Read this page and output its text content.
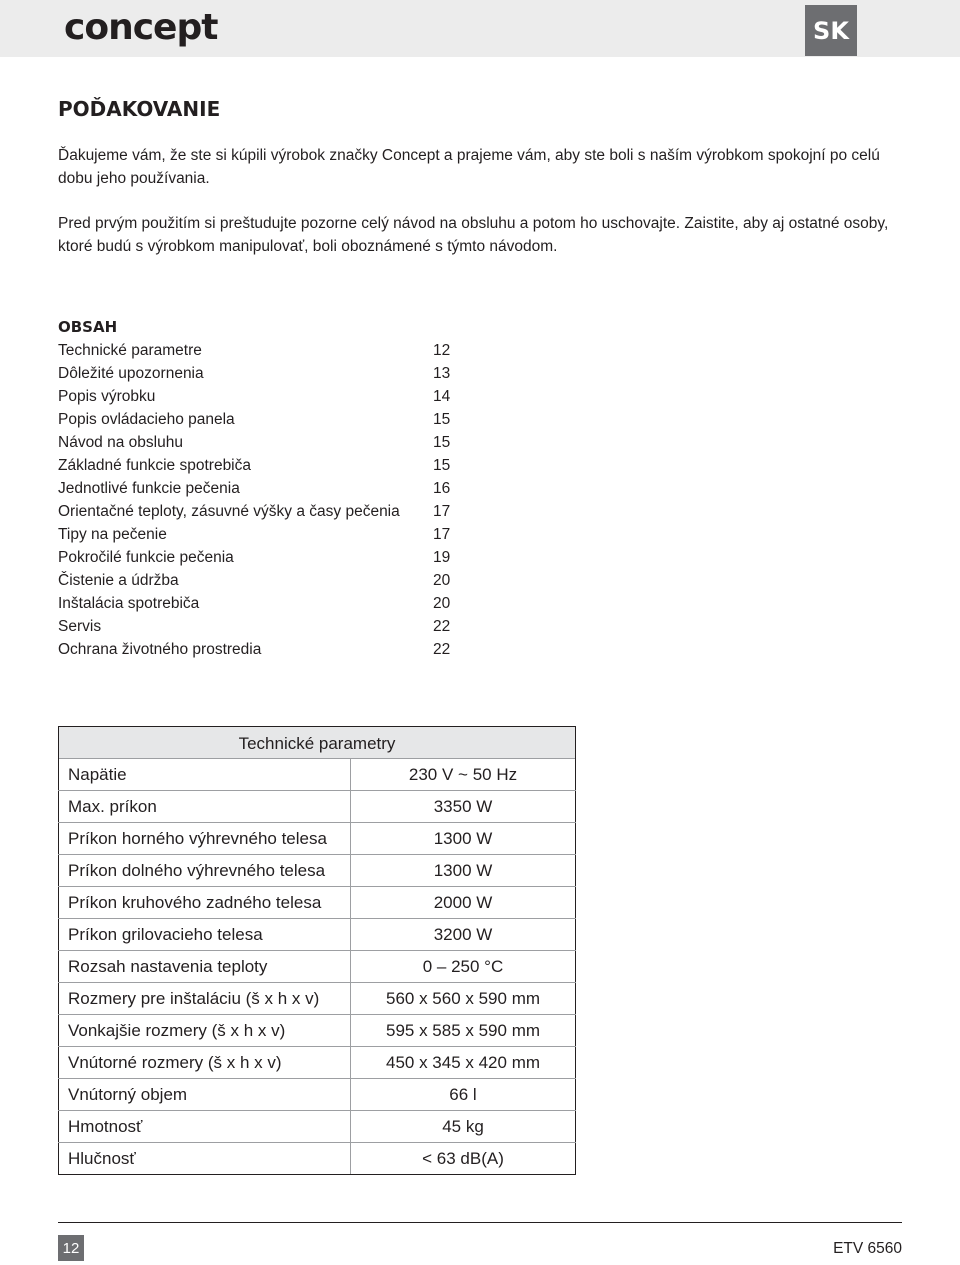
concept	SK
POĎAKOVANIE

Ďakujeme vám, že ste si kúpili výrobok značky Concept a prajeme vám, aby ste boli s naším výrobkom spokojní po celú dobu jeho používania.

Pred prvým použitím si preštudujte pozorne celý návod na obsluhu a potom ho uschovajte. Zaistite, aby aj ostatné osoby, ktoré budú s výrobkom manipulovať, boli oboznámené s týmto návodom.

OBSAH
Technické parametre	12
Dôležité upozornenia	13
Popis výrobku	14
Popis ovládacieho panela	15
Návod na obsluhu	15
Základné funkcie spotrebiča	15
Jednotlivé funkcie pečenia	16
Orientačné teploty, zásuvné výšky a časy pečenia	17
Tipy na pečenie	17
Pokročilé funkcie pečenia	19
Čistenie a údržba	20
Inštalácia spotrebiča	20
Servis	22
Ochrana životného prostredia	22
Technické parametry	
Napätie	230 V ~ 50 Hz
Max. príkon	3350 W
Príkon horného výhrevného telesa	1300 W
Príkon dolného výhrevného telesa	1300 W
Príkon kruhového zadného telesa	2000 W
Príkon grilovacieho telesa	3200 W
Rozsah nastavenia teploty	0 – 250 °C
Rozmery pre inštaláciu (š x h x v)	560 x 560 x 590 mm
Vonkajšie rozmery (š x h x v)	595 x 585 x 590 mm
Vnútorné rozmery (š x h x v)	450 x 345 x 420 mm
Vnútorný objem	66 l
Hmotnosť	45 kg
Hlučnosť	< 63 dB(A)
12	ETV 6560
